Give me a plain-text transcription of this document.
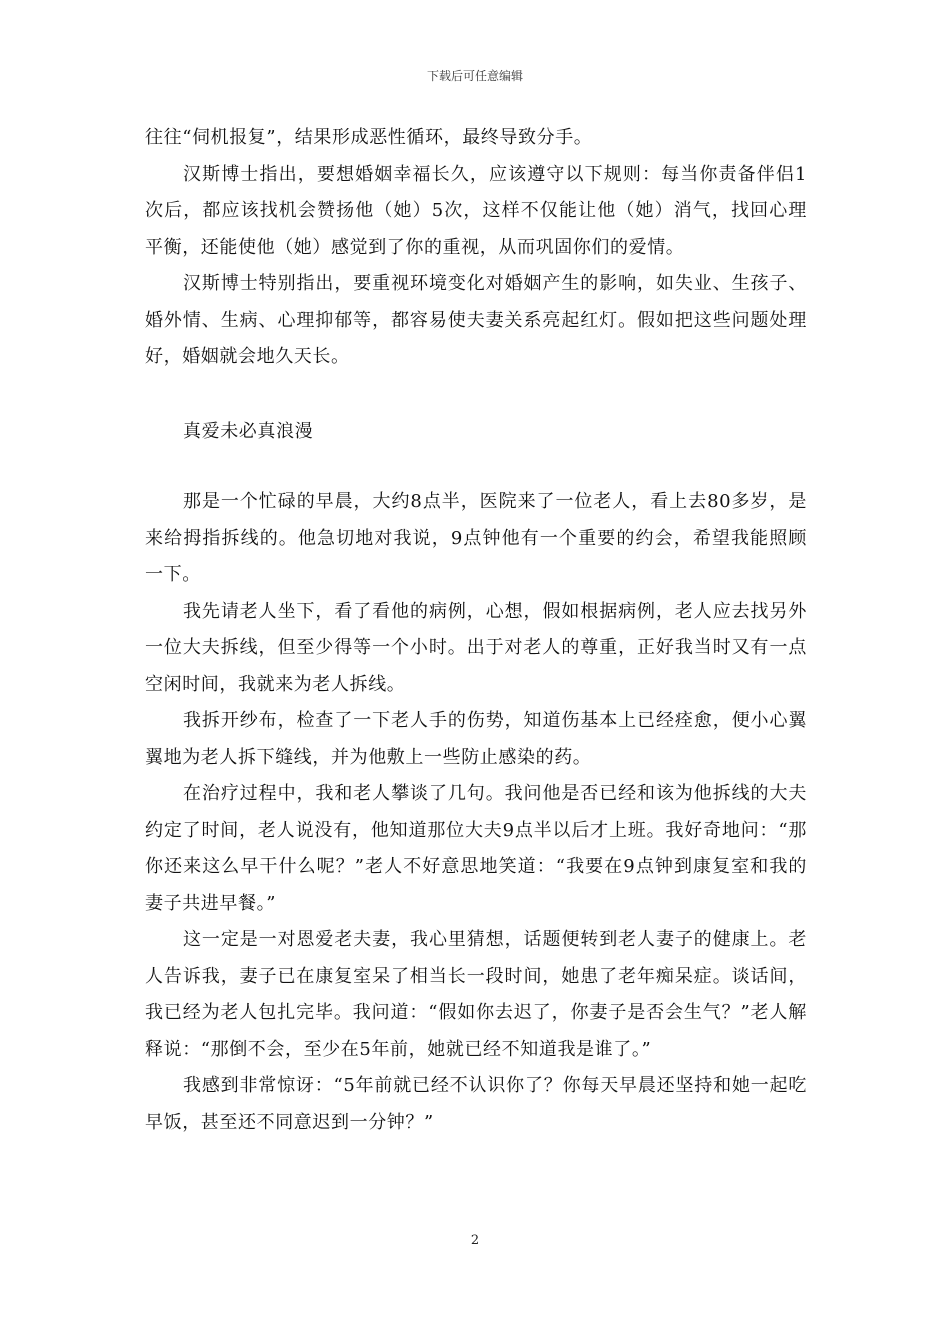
下载后可任意编辑

往往“伺机报复”，结果形成恶性循环，最终导致分手。

汉斯博士指出，要想婚姻幸福长久，应该遵守以下规则：每当你责备伴侣1次后，都应该找机会赞扬他（她）5次，这样不仅能让他（她）消气，找回心理平衡，还能使他（她）感觉到了你的重视，从而巩固你们的爱情。

汉斯博士特别指出，要重视环境变化对婚姻产生的影响，如失业、生孩子、婚外情、生病、心理抑郁等，都容易使夫妻关系亮起红灯。假如把这些问题处理好，婚姻就会地久天长。

真爱未必真浪漫

那是一个忙碌的早晨，大约8点半，医院来了一位老人，看上去80多岁，是来给拇指拆线的。他急切地对我说，9点钟他有一个重要的约会，希望我能照顾一下。

我先请老人坐下，看了看他的病例，心想，假如根据病例，老人应去找另外一位大夫拆线，但至少得等一个小时。出于对老人的尊重，正好我当时又有一点空闲时间，我就来为老人拆线。

我拆开纱布，检查了一下老人手的伤势，知道伤基本上已经痊愈，便小心翼翼地为老人拆下缝线，并为他敷上一些防止感染的药。

在治疗过程中，我和老人攀谈了几句。我问他是否已经和该为他拆线的大夫约定了时间，老人说没有，他知道那位大夫9点半以后才上班。我好奇地问：“那你还来这么早干什么呢？”老人不好意思地笑道：“我要在9点钟到康复室和我的妻子共进早餐。”

这一定是一对恩爱老夫妻，我心里猜想，话题便转到老人妻子的健康上。老人告诉我，妻子已在康复室呆了相当长一段时间，她患了老年痴呆症。谈话间，我已经为老人包扎完毕。我问道：“假如你去迟了，你妻子是否会生气？”老人解释说：“那倒不会，至少在5年前，她就已经不知道我是谁了。”

我感到非常惊讶：“5年前就已经不认识你了？你每天早晨还坚持和她一起吃早饭，甚至还不同意迟到一分钟？”

2
